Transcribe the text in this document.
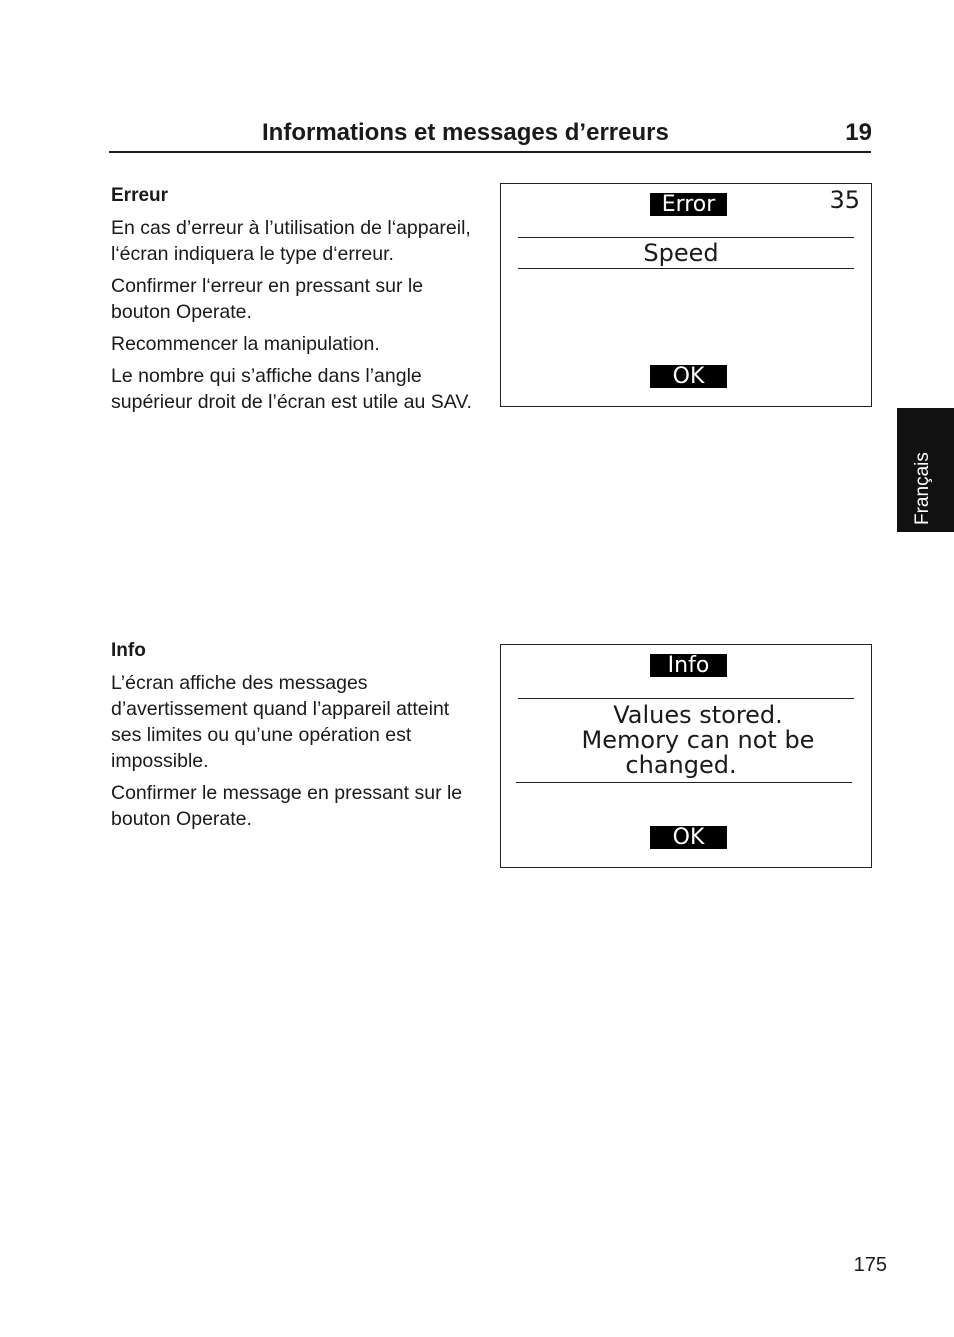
Informations et messages d’erreurs	19
Erreur

En cas d’erreur à l’utilisation de l‘appareil, l‘écran indiquera le type d‘erreur.

Confirmer l‘erreur en pressant sur le bouton Operate.

Recommencer la manipulation.

Le nombre qui s’affiche dans l’angle supérieur droit de l’écran est utile au SAV.

Error	35
Speed
OK
Info

L’écran affiche des messages d’avertissement quand l’appareil atteint ses limites ou qu’une opération est impossible.

Confirmer le message en pressant sur le bouton Operate.

Info
Values stored.
Memory can not be
changed.
OK
Français
175
